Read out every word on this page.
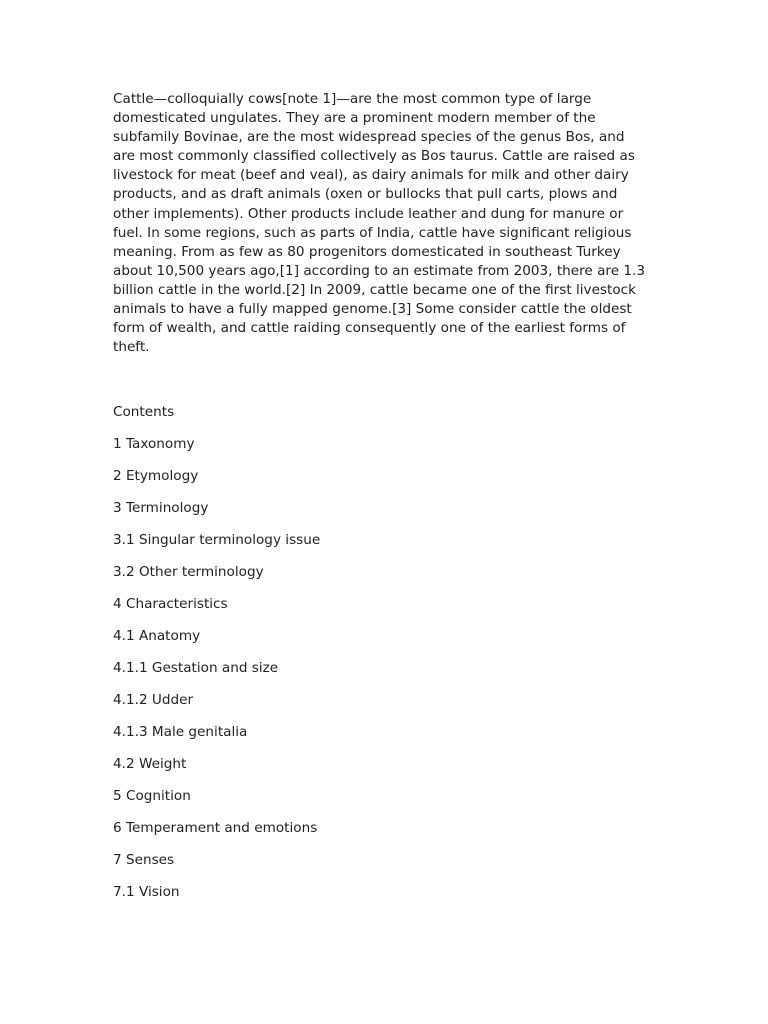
Cattle—colloquially cows[note 1]—are the most common type of large
domesticated ungulates. They are a prominent modern member of the
subfamily Bovinae, are the most widespread species of the genus Bos, and
are most commonly classified collectively as Bos taurus. Cattle are raised as
livestock for meat (beef and veal), as dairy animals for milk and other dairy
products, and as draft animals (oxen or bullocks that pull carts, plows and
other implements). Other products include leather and dung for manure or
fuel. In some regions, such as parts of India, cattle have significant religious
meaning. From as few as 80 progenitors domesticated in southeast Turkey
about 10,500 years ago,[1] according to an estimate from 2003, there are 1.3
billion cattle in the world.[2] In 2009, cattle became one of the first livestock
animals to have a fully mapped genome.[3] Some consider cattle the oldest
form of wealth, and cattle raiding consequently one of the earliest forms of
theft.
Contents
1 Taxonomy
2 Etymology
3 Terminology
3.1 Singular terminology issue
3.2 Other terminology
4 Characteristics
4.1 Anatomy
4.1.1 Gestation and size
4.1.2 Udder
4.1.3 Male genitalia
4.2 Weight
5 Cognition
6 Temperament and emotions
7 Senses
7.1 Vision
